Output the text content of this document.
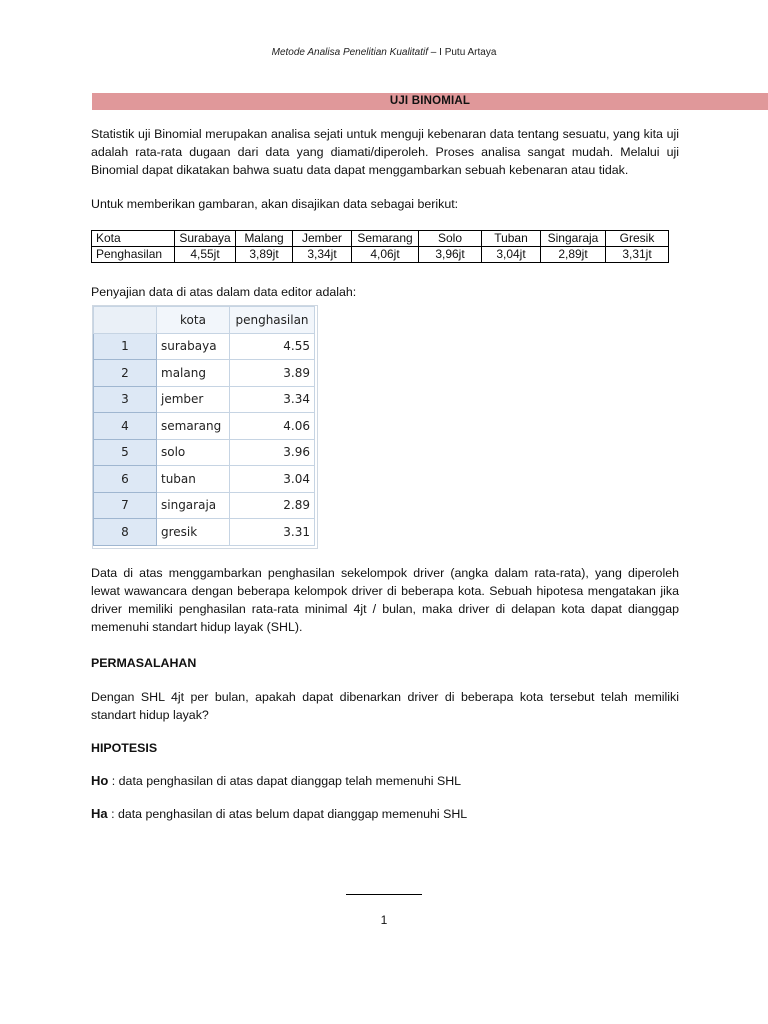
Metode Analisa Penelitian Kualitatif – I Putu Artaya
UJI BINOMIAL

Statistik uji Binomial merupakan analisa sejati untuk menguji kebenaran data tentang sesuatu, yang kita uji adalah rata-rata dugaan dari data yang diamati/diperoleh. Proses analisa sangat mudah. Melalui uji Binomial dapat dikatakan bahwa suatu data dapat menggambarkan sebuah kebenaran atau tidak.

Untuk memberikan gambaran, akan disajikan data sebagai berikut:

Kota	Surabaya	Malang	Jember	Semarang	Solo	Tuban	Singaraja	Gresik
Penghasilan	4,55jt	3,89jt	3,34jt	4,06jt	3,96jt	3,04jt	2,89jt	3,31jt

Penyajian data di atas dalam data editor adalah:

	kota	penghasilan
1	surabaya	4.55
2	malang	3.89
3	jember	3.34
4	semarang	4.06
5	solo	3.96
6	tuban	3.04
7	singaraja	2.89
8	gresik	3.31

Data di atas menggambarkan penghasilan sekelompok driver (angka dalam rata-rata), yang diperoleh lewat wawancara dengan beberapa kelompok driver di beberapa kota. Sebuah hipotesa mengatakan jika driver memiliki penghasilan rata-rata minimal 4jt / bulan, maka driver di delapan kota dapat dianggap memenuhi standart hidup layak (SHL).

PERMASALAHAN

Dengan SHL 4jt per bulan, apakah dapat dibenarkan driver di beberapa kota tersebut telah memiliki standart hidup layak?

HIPOTESIS

Ho : data penghasilan di atas dapat dianggap telah memenuhi SHL

Ha : data penghasilan di atas belum dapat dianggap memenuhi SHL

1
